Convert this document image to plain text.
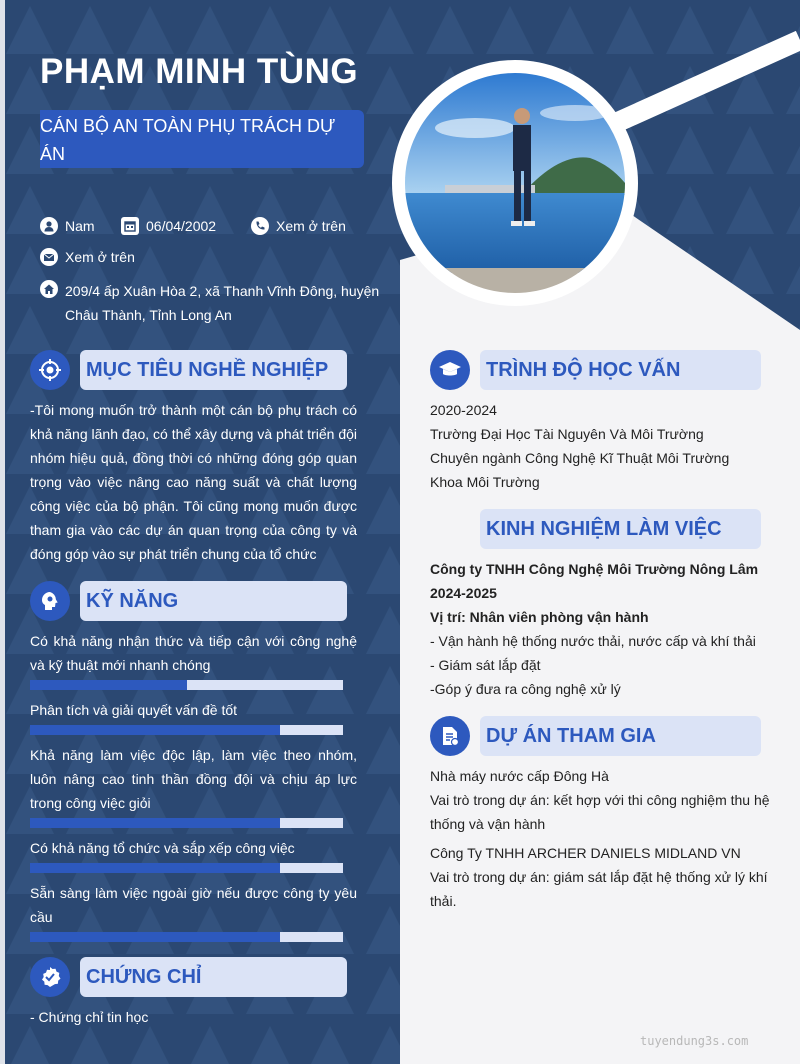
PHẠM MINH TÙNG
CÁN BỘ AN TOÀN PHỤ TRÁCH DỰ ÁN
Nam	06/04/2002	Xem ở trên
Xem ở trên
209/4 ấp Xuân Hòa 2, xã Thanh Vĩnh Đông, huyện Châu Thành, Tỉnh Long An
MỤC TIÊU NGHỀ NGHIỆP
-Tôi mong muốn trở thành một cán bộ phụ trách có khả năng lãnh đạo, có thể xây dựng và phát triển đội nhóm hiệu quả, đồng thời có những đóng góp quan trọng vào việc nâng cao năng suất và chất lượng công việc của bộ phận. Tôi cũng mong muốn được tham gia vào các dự án quan trọng của công ty và đóng góp vào sự phát triển chung của tổ chức
KỸ NĂNG
Có khả năng nhận thức và tiếp cận với công nghệ và kỹ thuật mới nhanh chóng
Phân tích và giải quyết vấn đề tốt
Khả năng làm việc độc lập, làm việc theo nhóm, luôn nâng cao tinh thần đồng đội và chịu áp lực trong công việc giỏi
Có khả năng tổ chức và sắp xếp công việc
Sẵn sàng làm việc ngoài giờ nếu được công ty yêu cầu
CHỨNG CHỈ
- Chứng chỉ tin học
TRÌNH ĐỘ HỌC VẤN
2020-2024
Trường Đại Học Tài Nguyên Và Môi Trường
Chuyên ngành Công Nghệ Kĩ Thuật Môi Trường
Khoa Môi Trường
KINH NGHIỆM LÀM VIỆC
Công ty TNHH Công Nghệ Môi Trường Nông Lâm
2024-2025
Vị trí: Nhân viên phòng vận hành
- Vận hành hệ thống nước thải, nước cấp và khí thải
- Giám sát lắp đặt
-Góp ý đưa ra công nghệ xử lý
DỰ ÁN THAM GIA
Nhà máy nước cấp Đông Hà
Vai trò trong dự án: kết hợp với thi công nghiệm thu hệ thống và vận hành
Công Ty TNHH ARCHER DANIELS MIDLAND VN
Vai trò trong dự án: giám sát lắp đặt hệ thống xử lý khí thải.
tuyendung3s.com
